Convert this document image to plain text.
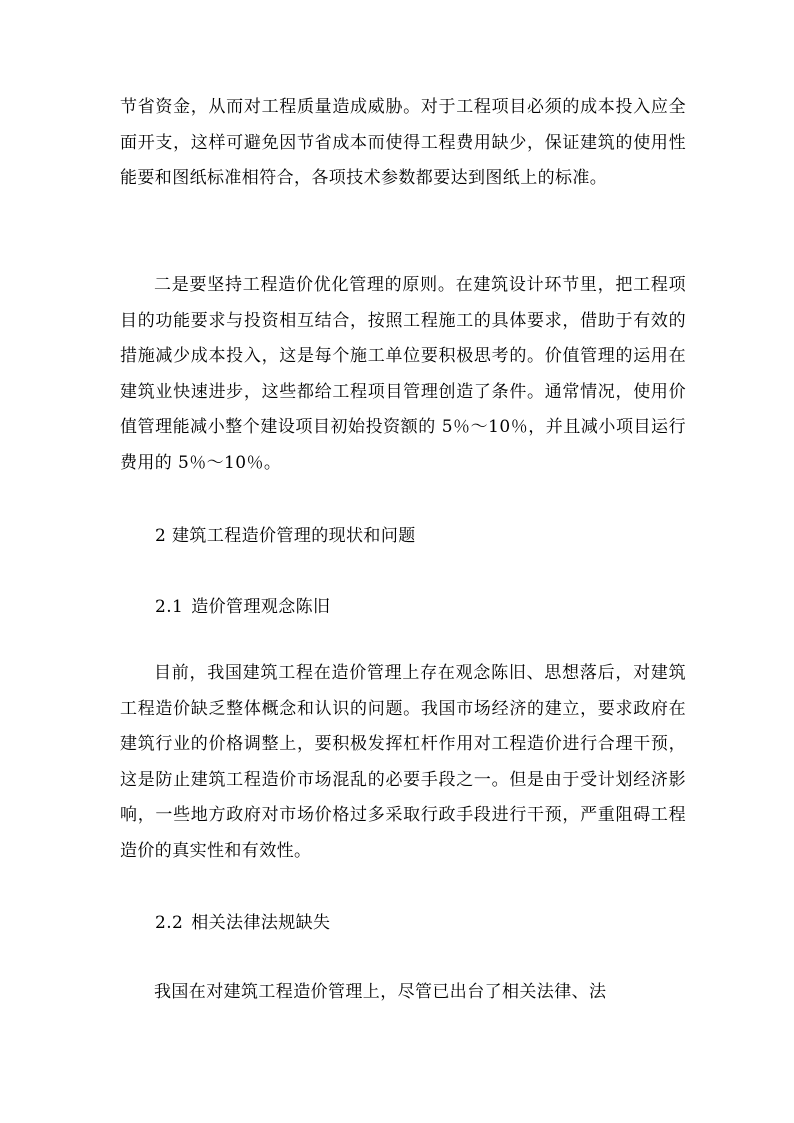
节省资金，从而对工程质量造成威胁。对于工程项目必须的成本投入应全面开支，这样可避免因节省成本而使得工程费用缺少，保证建筑的使用性能要和图纸标准相符合，各项技术参数都要达到图纸上的标准。

二是要坚持工程造价优化管理的原则。在建筑设计环节里，把工程项目的功能要求与投资相互结合，按照工程施工的具体要求，借助于有效的措施减少成本投入，这是每个施工单位要积极思考的。价值管理的运用在建筑业快速进步，这些都给工程项目管理创造了条件。通常情况，使用价值管理能减小整个建设项目初始投资额的 5％～10％，并且减小项目运行费用的 5％～10％。

2 建筑工程造价管理的现状和问题

2.1 造价管理观念陈旧

目前，我国建筑工程在造价管理上存在观念陈旧、思想落后，对建筑工程造价缺乏整体概念和认识的问题。我国市场经济的建立，要求政府在建筑行业的价格调整上，要积极发挥杠杆作用对工程造价进行合理干预，这是防止建筑工程造价市场混乱的必要手段之一。但是由于受计划经济影响，一些地方政府对市场价格过多采取行政手段进行干预，严重阻碍工程造价的真实性和有效性。

2.2 相关法律法规缺失

我国在对建筑工程造价管理上，尽管已出台了相关法律、法
